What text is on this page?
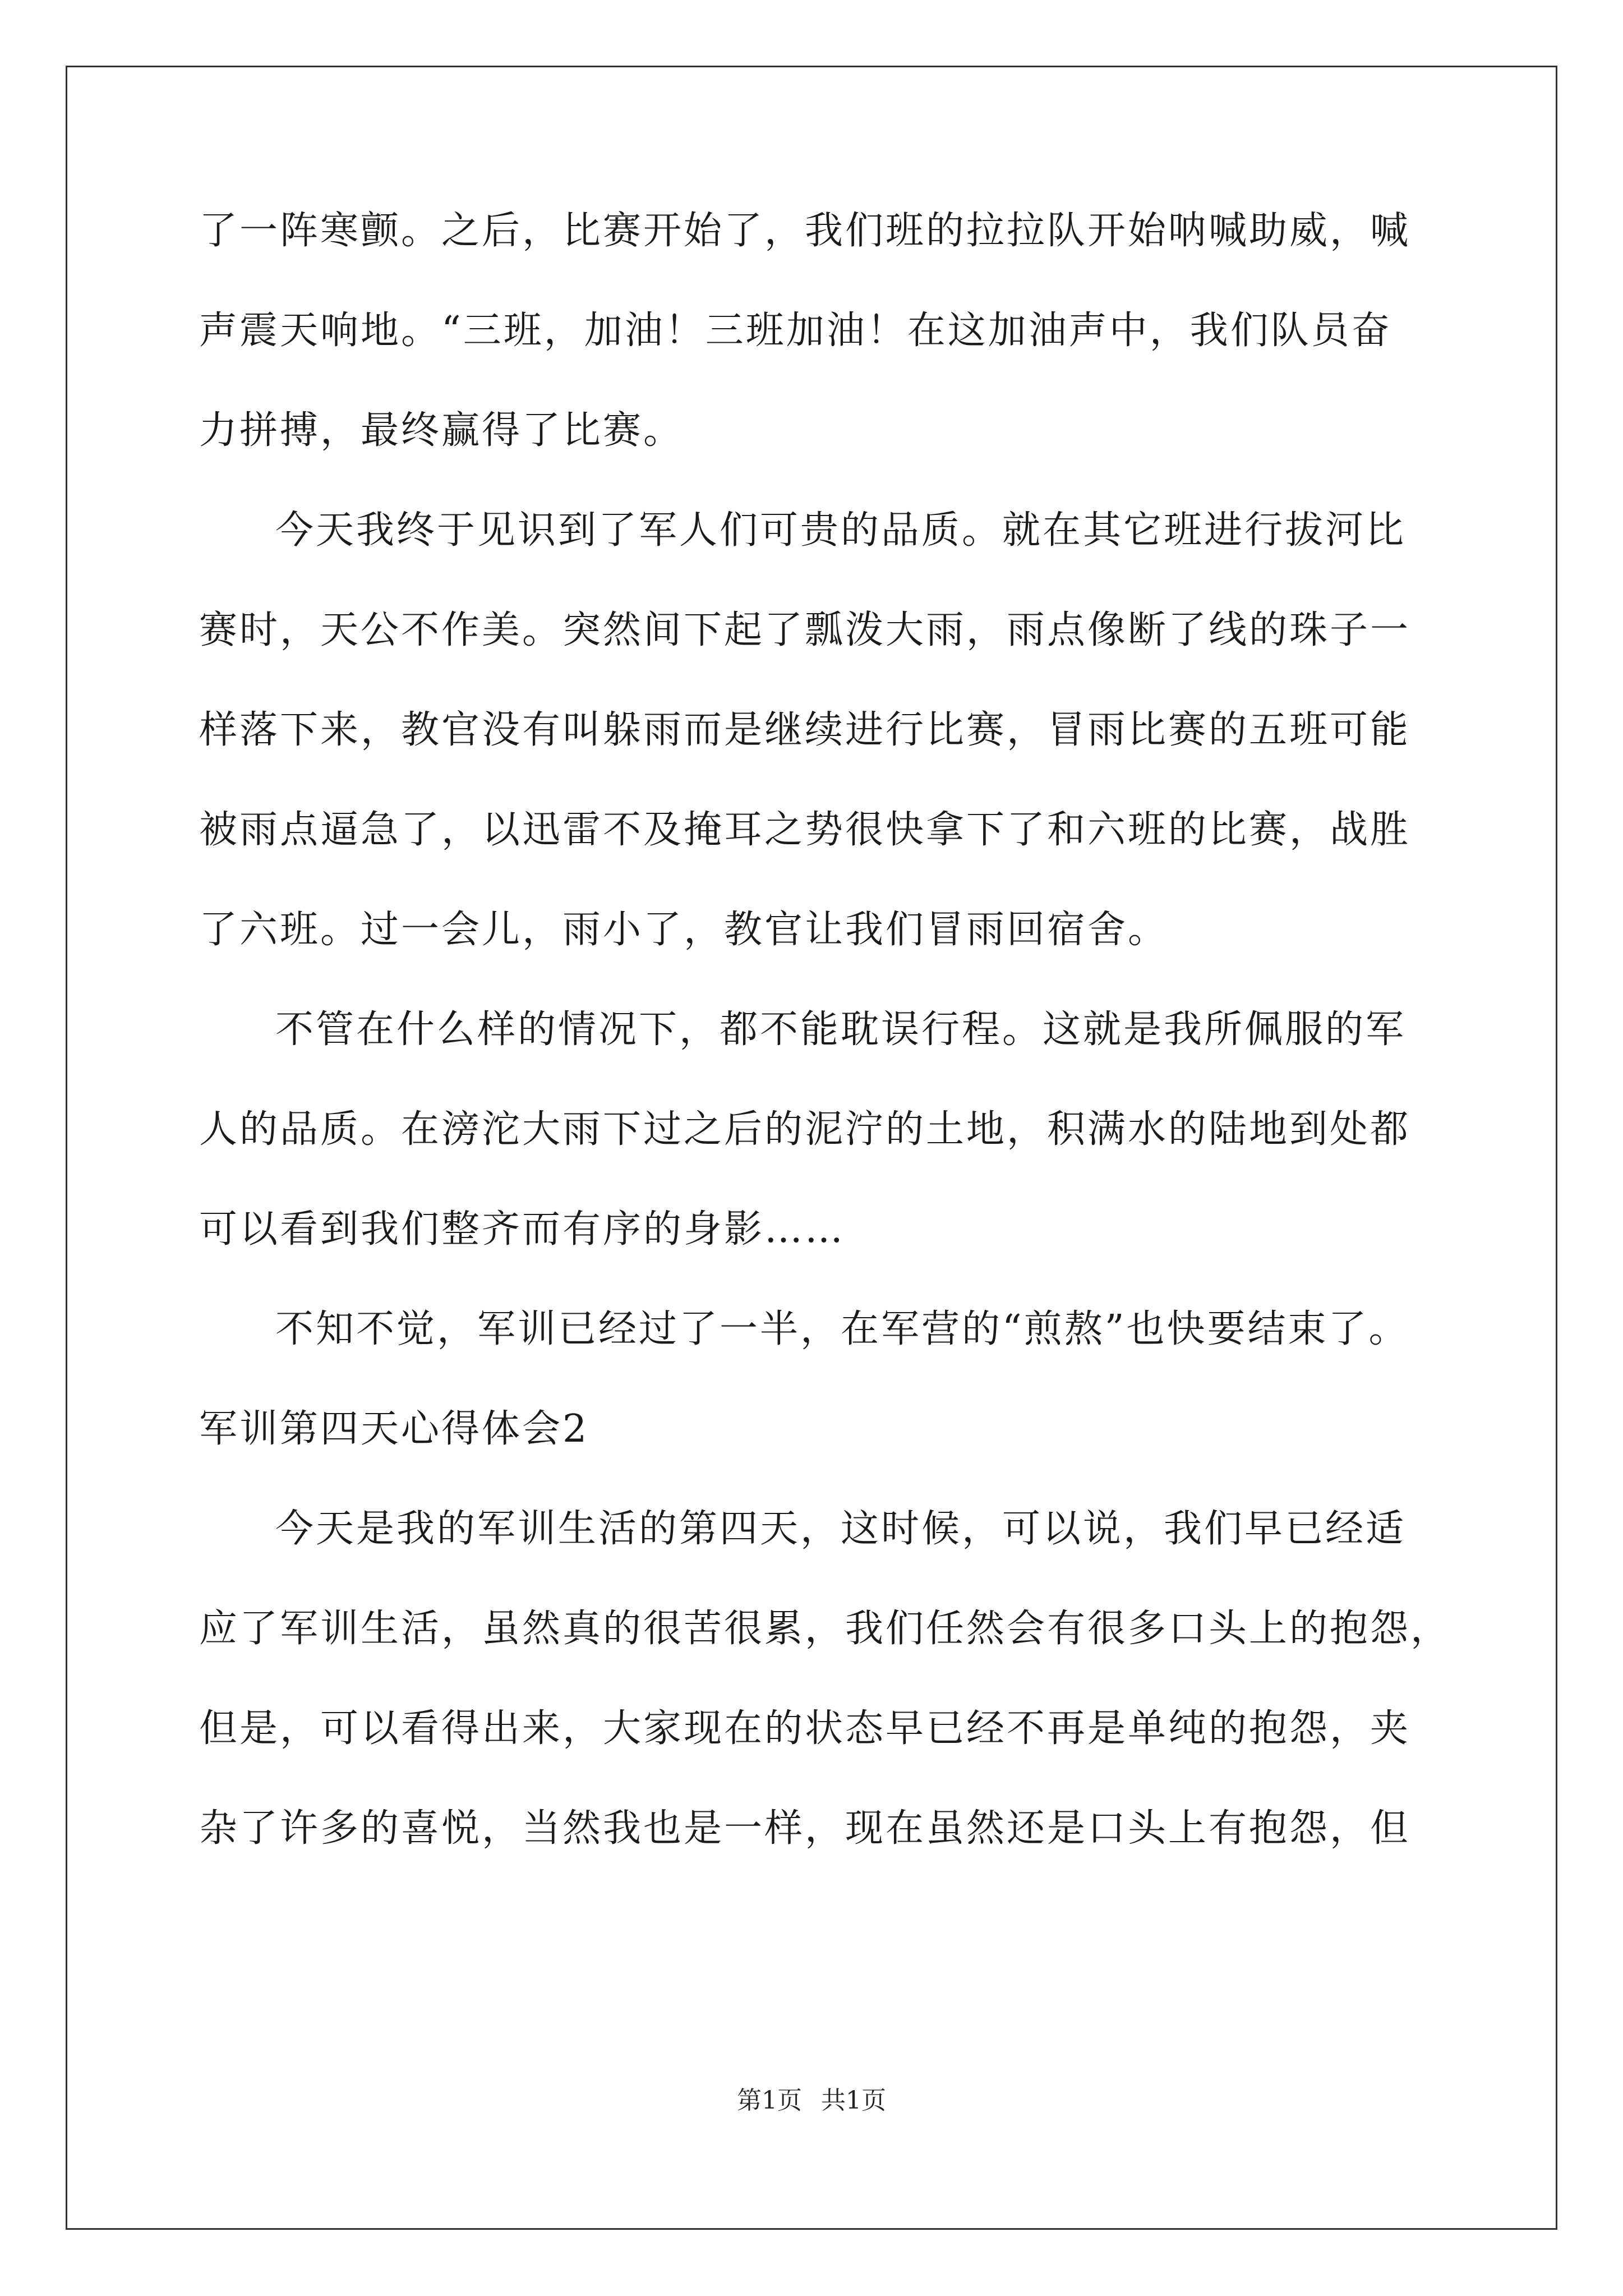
了一阵寒颤。之后，比赛开始了，我们班的拉拉队开始呐喊助威，喊
声震天响地。“三班，加油！三班加油！在这加油声中，我们队员奋
力拼搏，最终赢得了比赛。
今天我终于见识到了军人们可贵的品质。就在其它班进行拔河比
赛时，天公不作美。突然间下起了瓢泼大雨，雨点像断了线的珠子一
样落下来，教官没有叫躲雨而是继续进行比赛，冒雨比赛的五班可能
被雨点逼急了，以迅雷不及掩耳之势很快拿下了和六班的比赛，战胜
了六班。过一会儿，雨小了，教官让我们冒雨回宿舍。
不管在什么样的情况下，都不能耽误行程。这就是我所佩服的军
人的品质。在滂沱大雨下过之后的泥泞的土地，积满水的陆地到处都
可以看到我们整齐而有序的身影……
不知不觉，军训已经过了一半，在军营的“煎熬”也快要结束了。
军训第四天心得体会2
今天是我的军训生活的第四天，这时候，可以说，我们早已经适
应了军训生活，虽然真的很苦很累，我们任然会有很多口头上的抱怨，
但是，可以看得出来，大家现在的状态早已经不再是单纯的抱怨，夹
杂了许多的喜悦，当然我也是一样，现在虽然还是口头上有抱怨，但
第1页 共1页
